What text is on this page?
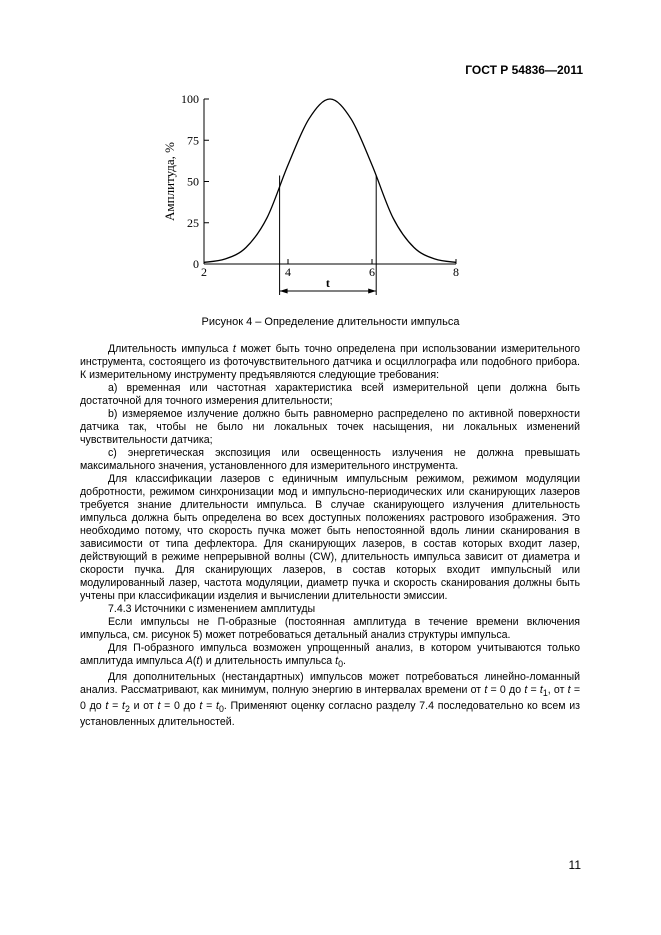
ГОСТ Р 54836—2011
0
25
50
75
100
2	4	6	8
Амплитуда, %
t
Рисунок 4 – Определение длительности импульса

Длительность импульса t может быть точно определена при использовании измерительного инструмента, состоящего из фоточувствительного датчика и осциллографа или подобного прибора. К измерительному инструменту предъявляются следующие требования:

а) временная или частотная характеристика всей измерительной цепи должна быть достаточной для точного измерения длительности;

b) измеряемое излучение должно быть равномерно распределено по активной поверхности датчика так, чтобы не было ни локальных точек насыщения, ни локальных изменений чувствительности датчика;

с) энергетическая экспозиция или освещенность излучения не должна превышать максимального значения, установленного для измерительного инструмента.

Для классификации лазеров с единичным импульсным режимом, режимом модуляции добротности, режимом синхронизации мод и импульсно-периодических или сканирующих лазеров требуется знание длительности импульса. В случае сканирующего излучения длительность импульса должна быть определена во всех доступных положениях растрового изображения. Это необходимо потому, что скорость пучка может быть непостоянной вдоль линии сканирования в зависимости от типа дефлектора. Для сканирующих лазеров, в состав которых входит лазер, действующий в режиме непрерывной волны (CW), длительность импульса зависит от диаметра и скорости пучка. Для сканирующих лазеров, в состав которых входит импульсный или модулированный лазер, частота модуляции, диаметр пучка и скорость сканирования должны быть учтены при классификации изделия и вычислении длительности эмиссии.

7.4.3 Источники с изменением амплитуды

Если импульсы не П-образные (постоянная амплитуда в течение времени включения импульса, см. рисунок 5) может потребоваться детальный анализ структуры импульса.

Для П-образного импульса возможен упрощенный анализ, в котором учитываются только амплитуда импульса A(t) и длительность импульса $t_0$.

Для дополнительных (нестандартных) импульсов может потребоваться линейно-ломанный анализ. Рассматривают, как минимум, полную энергию в интервалах времени от t = 0 до $t = t_1$, от t = 0 до $t = t_2$ и от t = 0 до $t = t_0$. Применяют оценку согласно разделу 7.4 последовательно ко всем из установленных длительностей.

11
